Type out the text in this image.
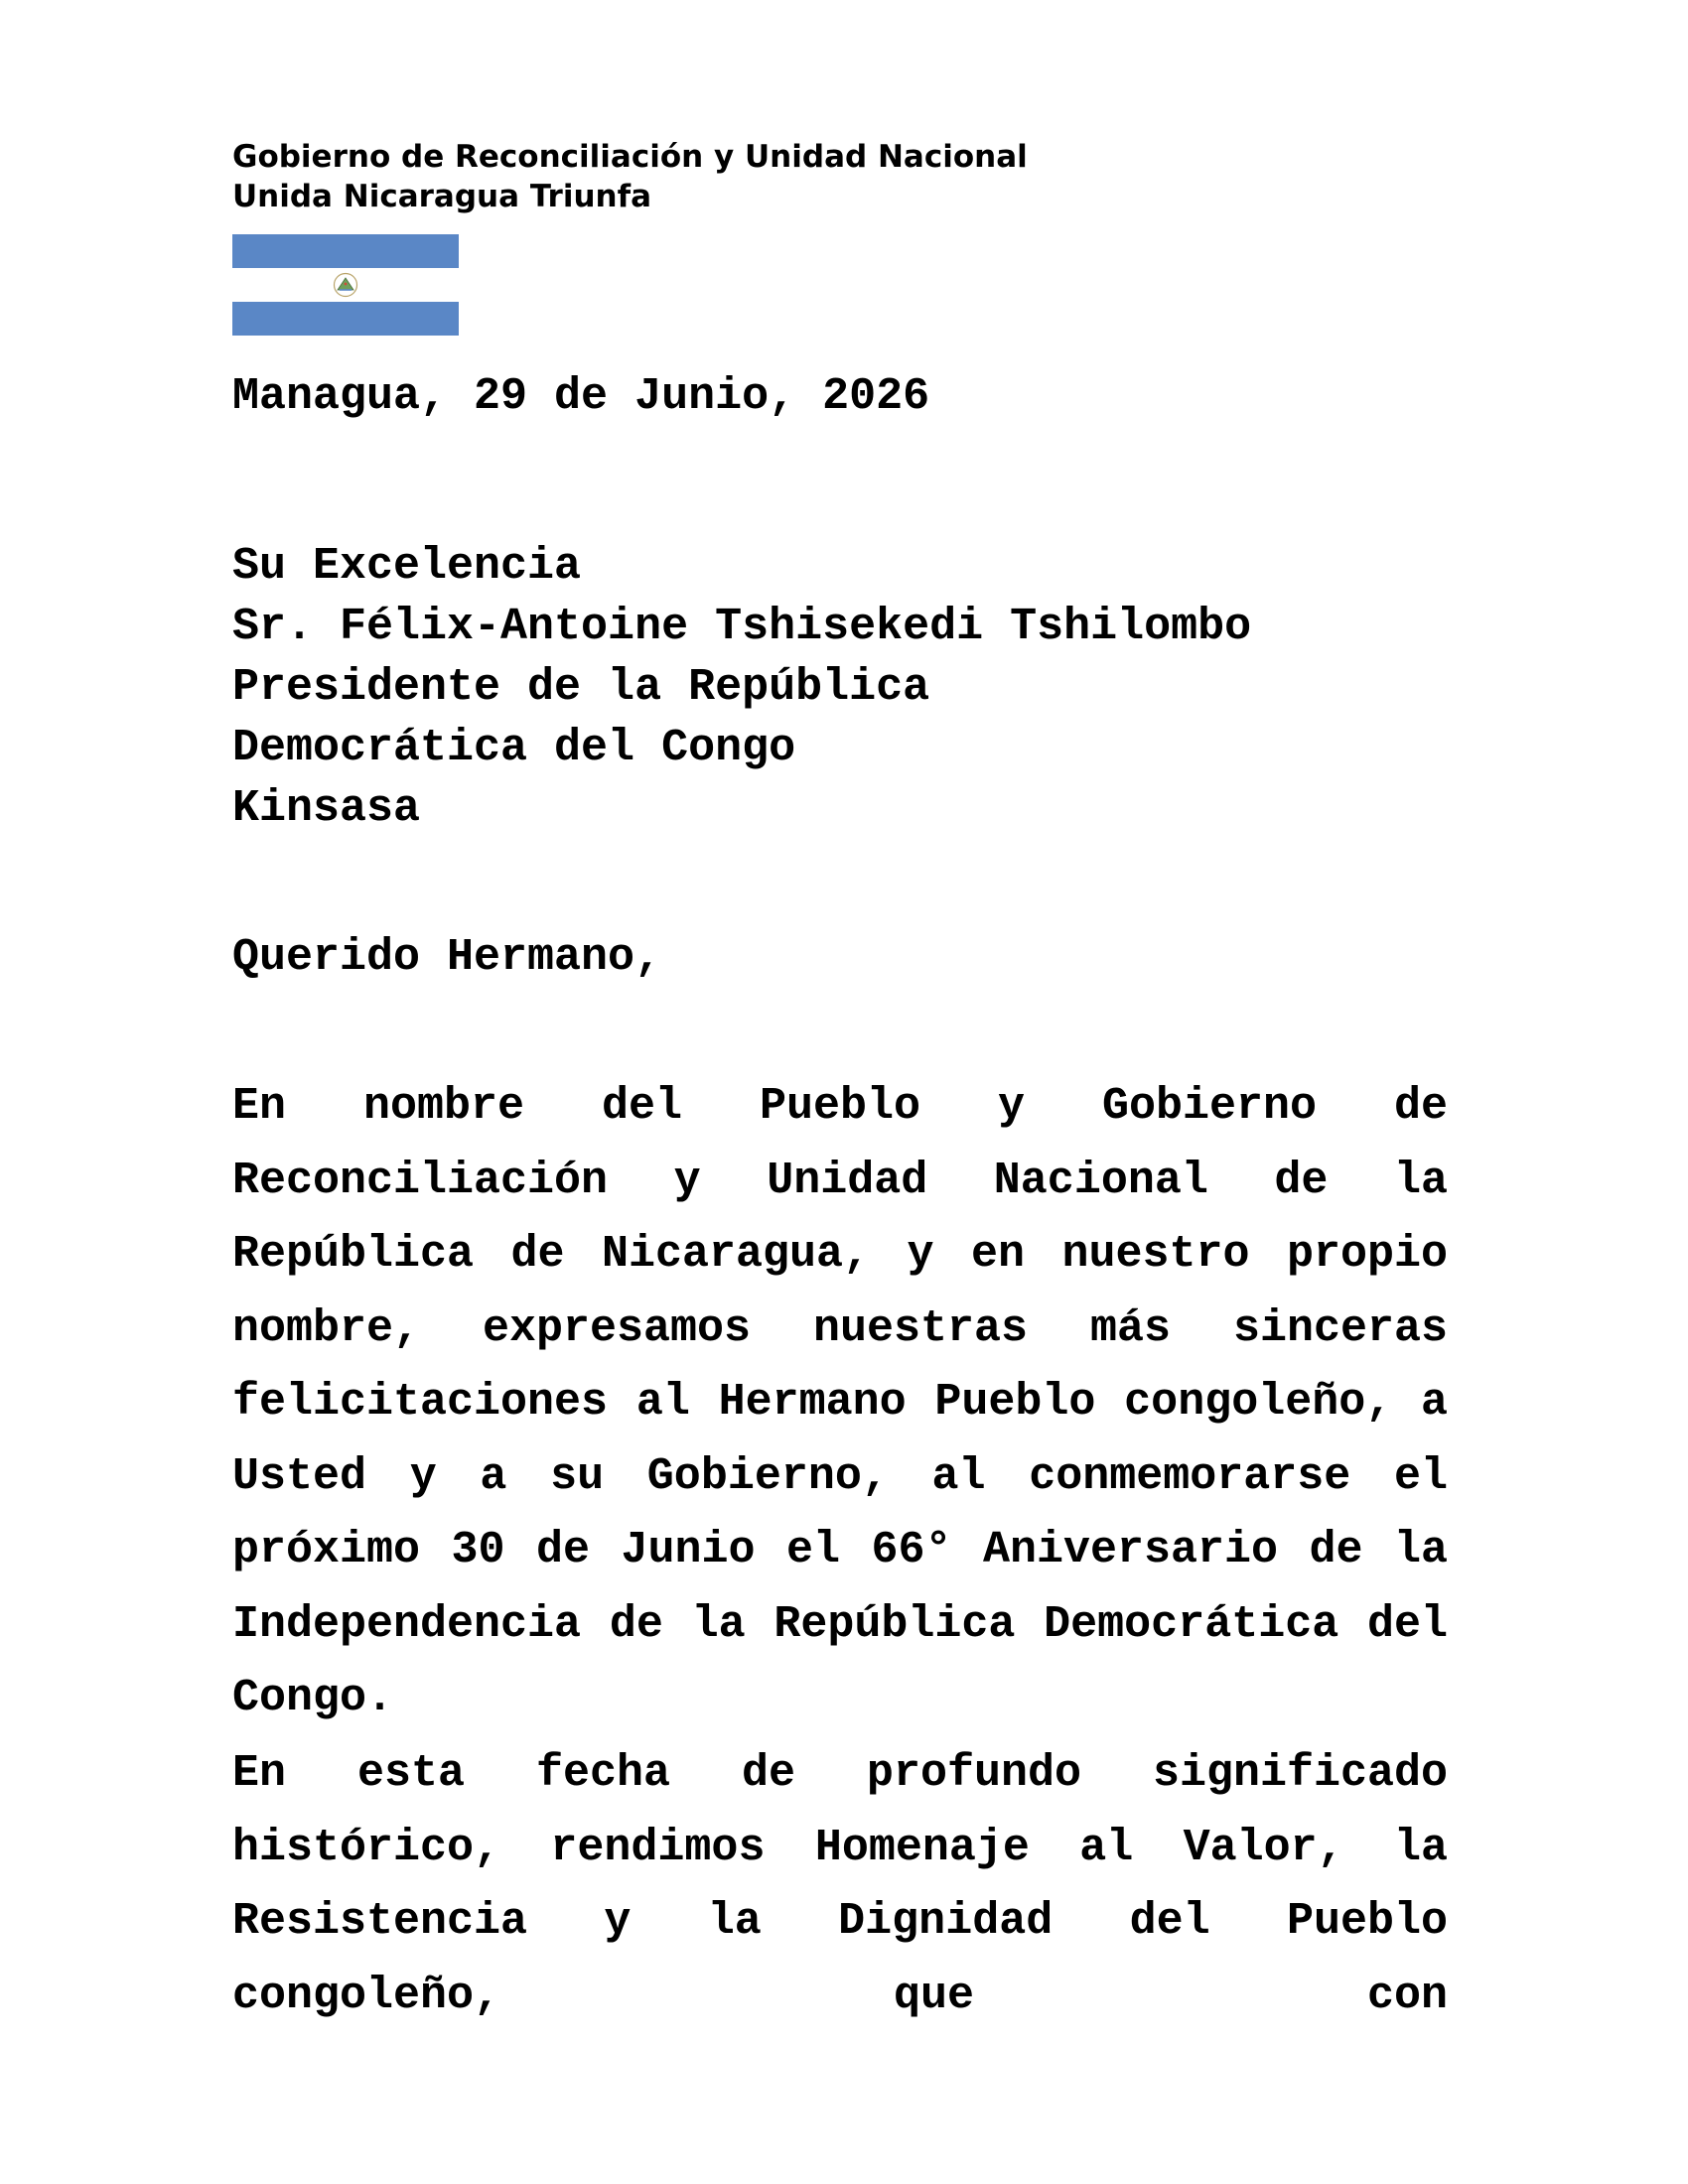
Gobierno de Reconciliación y Unidad Nacional
Unida Nicaragua Triunfa
Managua, 29 de Junio, 2026
Su Excelencia
Sr. Félix-Antoine Tshisekedi Tshilombo
Presidente de la República
Democrática del Congo
Kinsasa
Querido Hermano,
En nombre del Pueblo y Gobierno de Reconciliación y Unidad Nacional de la República de Nicaragua, y en nuestro propio nombre, expresamos nuestras más sinceras felicitaciones al Hermano Pueblo congoleño, a Usted y a su Gobierno, al conmemorarse el próximo 30 de Junio el 66° Aniversario de la Independencia de la República Democrática del Congo.
En esta fecha de profundo significado histórico, rendimos Homenaje al Valor, la Resistencia y la Dignidad del Pueblo congoleño, que con
